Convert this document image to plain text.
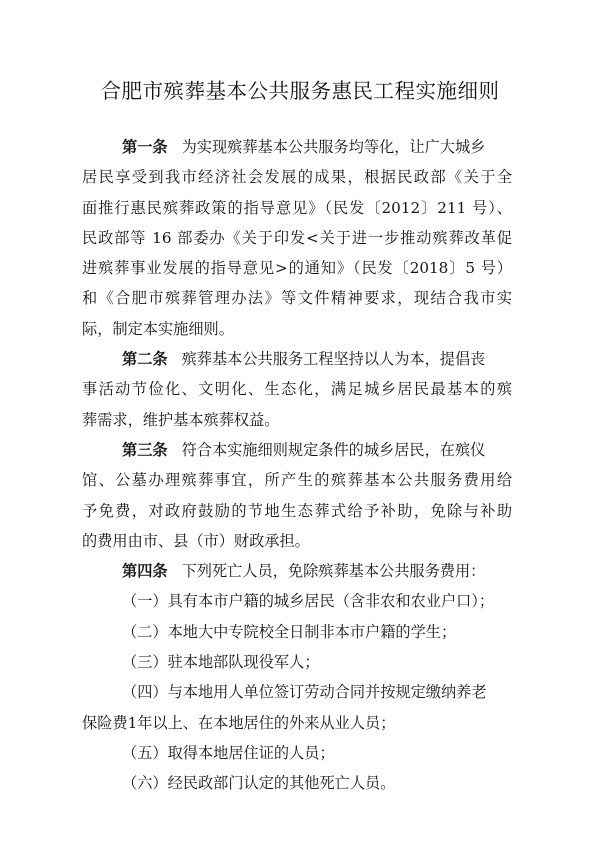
合肥市殡葬基本公共服务惠民工程实施细则
第一条 为实现殡葬基本公共服务均等化，让广大城乡
居民享受到我市经济社会发展的成果，根据民政部《关于全
面推行惠民殡葬政策的指导意见》（民发〔2012〕211 号）、
民政部等 16 部委办《关于印发<关于进一步推动殡葬改革促
进殡葬事业发展的指导意见>的通知》（民发〔2018〕5 号）
和《合肥市殡葬管理办法》等文件精神要求，现结合我市实
际，制定本实施细则。
第二条 殡葬基本公共服务工程坚持以人为本，提倡丧
事活动节俭化、文明化、生态化，满足城乡居民最基本的殡
葬需求，维护基本殡葬权益。
第三条 符合本实施细则规定条件的城乡居民，在殡仪
馆、公墓办理殡葬事宜，所产生的殡葬基本公共服务费用给
予免费，对政府鼓励的节地生态葬式给予补助，免除与补助
的费用由市、县（市）财政承担。
第四条 下列死亡人员，免除殡葬基本公共服务费用：
（一）具有本市户籍的城乡居民（含非农和农业户口）；
（二）本地大中专院校全日制非本市户籍的学生；
（三）驻本地部队现役军人；
（四）与本地用人单位签订劳动合同并按规定缴纳养老
保险费1年以上、在本地居住的外来从业人员；
（五）取得本地居住证的人员；
（六）经民政部门认定的其他死亡人员。
